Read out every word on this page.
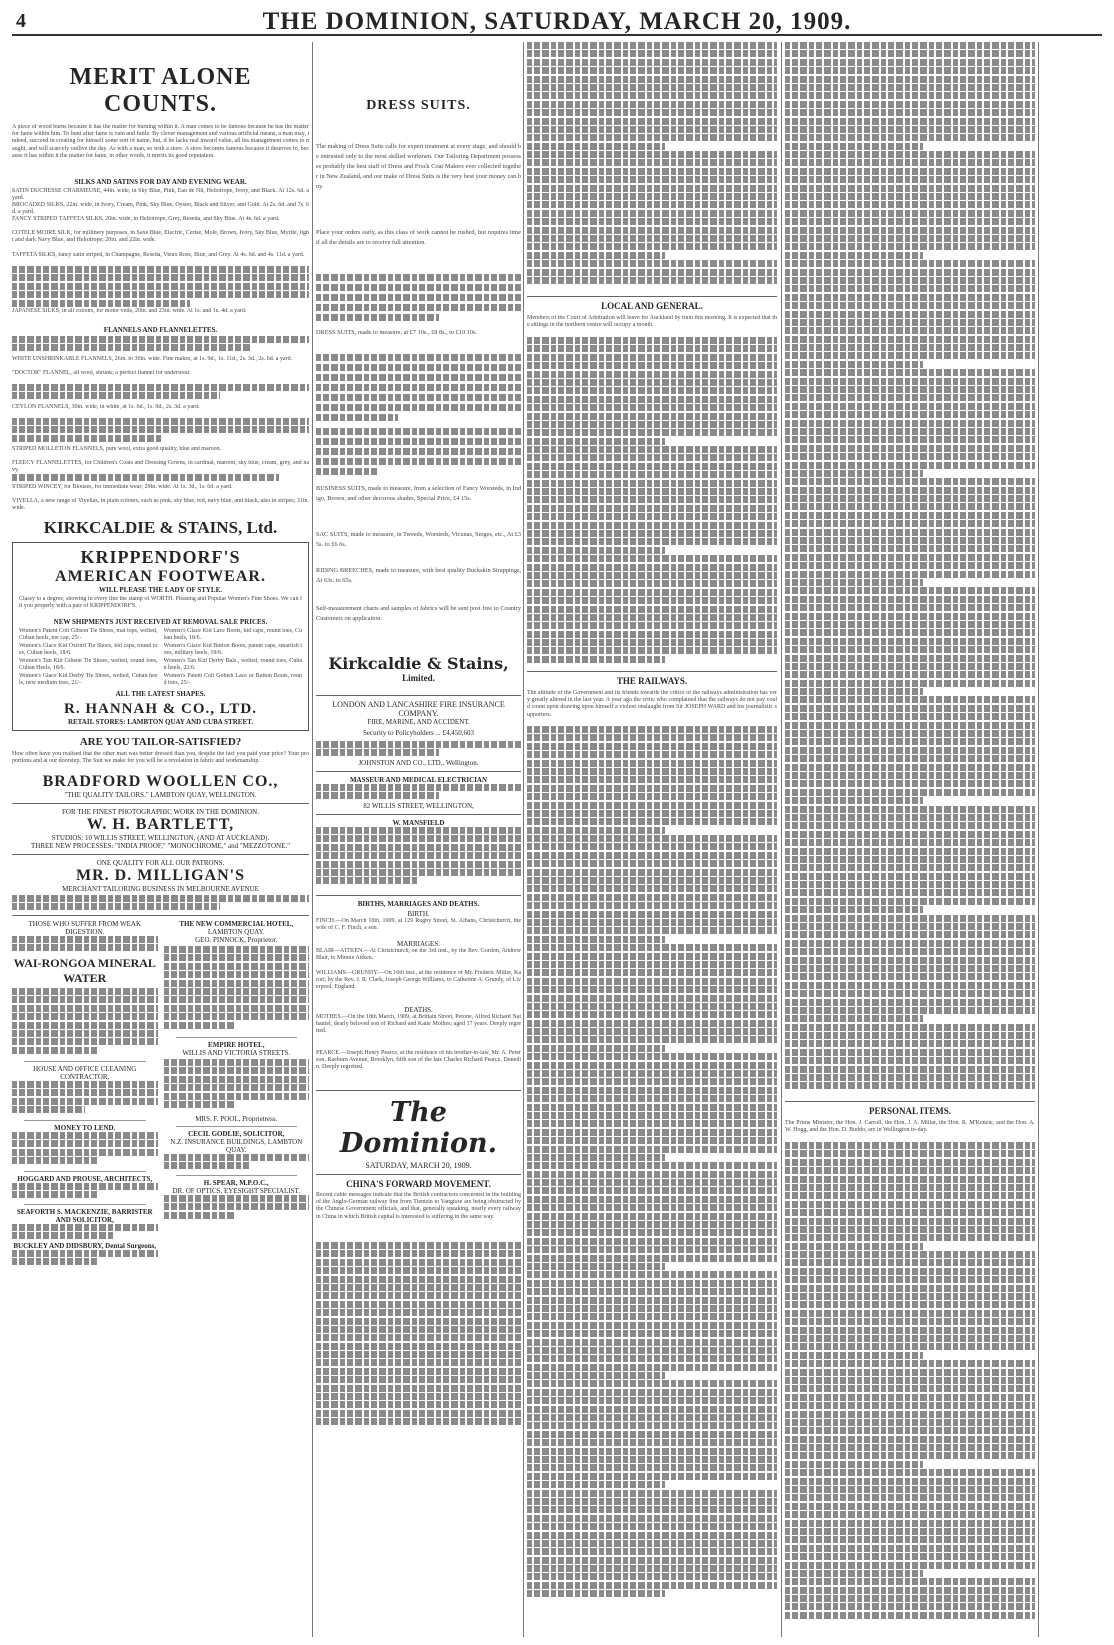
4	THE DOMINION, SATURDAY, MARCH 20, 1909.
MERIT ALONE COUNTS.
A piece of wood burns because it has the matter for burning within it. A man comes to be famous because he has the matter for fame within him. To hunt after fame is vain and futile. By clever management and various artificial means, a man may, indeed, succeed in creating for himself some sort of name, but, if he lacks real inward value, all his management comes to naught, and will scarcely outlive the day. As with a man, so with a store. A store becomes famous because it deserves to, because it has within it the matter for fame, in other words, it merits its good reputation.
SILKS AND SATINS FOR DAY AND EVENING WEAR.
SATIN DUCHESSE CHARMEUSE, 44in. wide, in Sky Blue, Pink, Eau de Nil, Heliotrope, Ivory, and Black. At 12s. 6d. a yard.
BROCADED SILKS, 22in. wide, in Ivory, Cream, Pink, Sky Blue, Oyster, Black and Silver, and Gold. At 2s. 6d. and 7s. 6d. a yard.
FANCY STRIPED TAFFETA SILKS, 20in. wide, in Heliotrope, Grey, Reseda, and Sky Blue. At 4s. 6d. a yard.
COTELE MOIRE SILK, for millinery purposes, in Saxe Blue, Electric, Cerise, Mole, Brown, Ivory, Sky Blue, Myrtle, light and dark Navy Blue, and Heliotrope; 20in. and 22in. wide.
TAFFETA SILKS, fancy satin striped, in Champagne, Reseda, Vieux Rose, Blue, and Grey. At 4s. 6d. and 4s. 11d. a yard.
JAPANESE SILKS, in all colours, for motor veils, 20in. and 23in. wide. At 1s. and 1s. 4d. a yard.
FLANNELS AND FLANNELETTES.
WHITE UNSHRINKABLE FLANNELS, 26in. to 30in. wide. Fine makes, at 1s. 9d., 1s. 11d., 2s. 3d., 2s. 6d. a yard.
"DOCTOR" FLANNEL, all wool, shrunk; a perfect flannel for underwear.
CEYLON FLANNELS, 30in. wide, in white, at 1s. 6d., 1s. 9d., 2s. 3d. a yard.
STRIPED MOLLETON FLANNELS, pure wool, extra good quality, blue and maroon.
FLEECY FLANNELETTES, for Children's Coats and Dressing Gowns, in cardinal, maroon, sky blue, cream, grey, and navy.
STRIPED WINCEY, for Blouses, for immediate wear; 29in. wide. At 1s. 3d., 1s. 6d. a yard.
VIYELLA, a new range of Viyellas, in plain colours, such as pink, sky blue, red, navy blue, and black, also in stripes; 31in. wide.
KIRKCALDIE & STAINS, Ltd.
KRIPPENDORF'S
AMERICAN FOOTWEAR.
WILL PLEASE THE LADY OF STYLE.
Classy to a degree, showing in every line the stamp of WORTH. Pleasing and Popular Women's Fine Shoes. We can fit you properly with a pair of KRIPPENDORF'S.
NEW SHIPMENTS JUST RECEIVED AT REMOVAL SALE PRICES.
Women's Patent Colt Gibson Tie Shoes, mat tops, welted, Cuban heels, toe cap, 25/-
Women's Glace Kid Oxford Tie Shoes, kid caps, round toes, Cuban heels, 18/6.
Women's Tan Kid Gibson Tie Shoes, welted, round toes, Cuban Heels, 18/6.
Women's Glace Kid Derby Tie Shoes, welted, Cuban heels, new medium toes, 21/-
Women's Glace Kid Lace Boots, kid caps, round toes, Cuban heels, 18/6.
Women's Glace Kid Button Boots, patent caps, smartish toes, military heels, 19/6.
Women's Tan Kid Derby Bals., welted, round toes, Cuban heels, 22/6.
Women's Patent Colt Gobish Lace or Button Boots, round toes, 25/-
ALL THE LATEST SHAPES.
R. HANNAH & CO., LTD.
RETAIL STORES: LAMBTON QUAY AND CUBA STREET.
ARE YOU TAILOR-SATISFIED?
How often have you realised that the other man was better dressed than you, despite the fact you paid your price? Your proportions and at our doorstep. The Suit we make for you will be a revelation in fabric and workmanship.
BRADFORD WOOLLEN CO.,
"THE QUALITY TAILORS." LAMBTON QUAY, WELLINGTON.
FOR THE FINEST PHOTOGRAPHIC WORK IN THE DOMINION.
W. H. BARTLETT,
STUDIOS: 10 WILLIS STREET, WELLINGTON, (AND AT AUCKLAND).
THREE NEW PROCESSES: "INDIA PROOF," "MONOCHROME," and "MEZZOTONE."
ONE QUALITY FOR ALL OUR PATRONS.
MR. D. MILLIGAN'S
MERCHANT TAILORING BUSINESS IN MELBOURNE AVENUE
THOSE WHO SUFFER FROM WEAK DIGESTION.
WAI-RONGOA MINERAL WATER
HOUSE AND OFFICE CLEANING CONTRACTOR,
MONEY TO LEND.
HOGGARD AND PROUSE, ARCHITECTS,
SEAFORTH S. MACKENZIE, BARRISTER AND SOLICITOR,
BUCKLEY AND DIDSBURY, Dental Surgeons,
THE NEW COMMERCIAL HOTEL,
LAMBTON QUAY.
GEO. PINNOCK, Proprietor.
EMPIRE HOTEL,
WILLIS AND VICTORIA STREETS.
MRS. F. POOL, Proprietress.
CECIL GODLIE, SOLICITOR,
N.Z. INSURANCE BUILDINGS, LAMBTON QUAY.
H. SPEAR, M.P.O.C.,
DR. OF OPTICS, EYESIGHT SPECIALIST.
DRESS SUITS.
The making of Dress Suits calls for expert treatment at every stage, and should be entrusted only to the most skilled workmen. Our Tailoring Department possesses probably the best staff of Dress and Frock Coat Makers ever collected together in New Zealand, and our make of Dress Suits is the very best your money can buy.
Place your orders early, as this class of work cannot be rushed, but requires time if all the details are to receive full attention.
DRESS SUITS, made to measure, at £7 10s., £8 8s., to £10 10s.
BUSINESS SUITS, made to measure, from a selection of Fancy Worsteds, in Indigo, Brown, and other decorous shades, Special Price, £4 15s.
SAC SUITS, made to measure, in Tweeds, Worsteds, Vicunas, Serges, etc., At £3 5s. to £6 6s.
RIDING BREECHES, made to measure, with best quality Buckskin Strappings, At 63s. to 65s.
Self-measurement charts and samples of fabrics will be sent post free to Country Customers on application.
Kirkcaldie & Stains,
Limited.
LONDON AND LANCASHIRE FIRE INSURANCE COMPANY.
FIRE, MARINE, AND ACCIDENT.
Security to Policyholders ... £4,450,603
JOHNSTON AND CO., LTD., Wellington.
MASSEUR AND MEDICAL ELECTRICIAN
82 WILLIS STREET, WELLINGTON,
W. MANSFIELD
BIRTHS, MARRIAGES AND DEATHS.
BIRTH.
FINCH.—On March 10th, 1909, at 129 Rugby Street, St. Albans, Christchurch, the wife of C. F. Finch, a son.
MARRIAGES.
BLAIR—AITKEN.—At Christchurch, on the 3rd inst., by the Rev. Gordon, Andrew Blair, to Minnie Aitken.
WILLIAMS—GRUNDY.—On 16th inst., at the residence of Mr. Frederic Miller, Karori, by the Rev. J. R. Clark, Joseph George Williams, to Catherine A. Grundy, of Liverpool, England.
DEATHS.
MOTHES.—On the 18th March, 1909, at Brittain Street, Petone, Alfred Richard Nathaniel, dearly beloved son of Richard and Katie Mothes; aged 17 years. Deeply regretted.
PEARCE.—Joseph Henry Pearce, at the residence of his brother-in-law, Mr. A. Peterson, Raeburn Avenue, Brooklyn, fifth son of the late Charles Richard Pearce, Dunedin. Deeply regretted.
The Dominion.
SATURDAY, MARCH 20, 1909.
CHINA'S FORWARD MOVEMENT.
Recent cable messages indicate that the British contractors concerned in the building of the Anglo-German railway line from Tientsin to Yangtsze are being obstructed by the Chinese Government officials, and that, generally speaking, nearly every railway in China in which British capital is interested is suffering in the same way.
LOCAL AND GENERAL.
Members of the Court of Arbitration will leave for Auckland by train this morning. It is expected that the sittings in the northern centre will occupy a month.
THE RAILWAYS.
The attitude of the Government and its friends towards the critics of the railways administration has very greatly altered in the last year. A year ago the critic who complained that the railways do not pay could count upon drawing upon himself a violent onslaught from Sir JOSEPH WARD and his journalistic supporters.
PERSONAL ITEMS.
The Prime Minister, the Hon. J. Carroll, the Hon. J. A. Millar, the Hon. R. M'Kenzie, and the Hon. A. W. Hogg, and the Hon. D. Buddo, are in Wellington to-day.
